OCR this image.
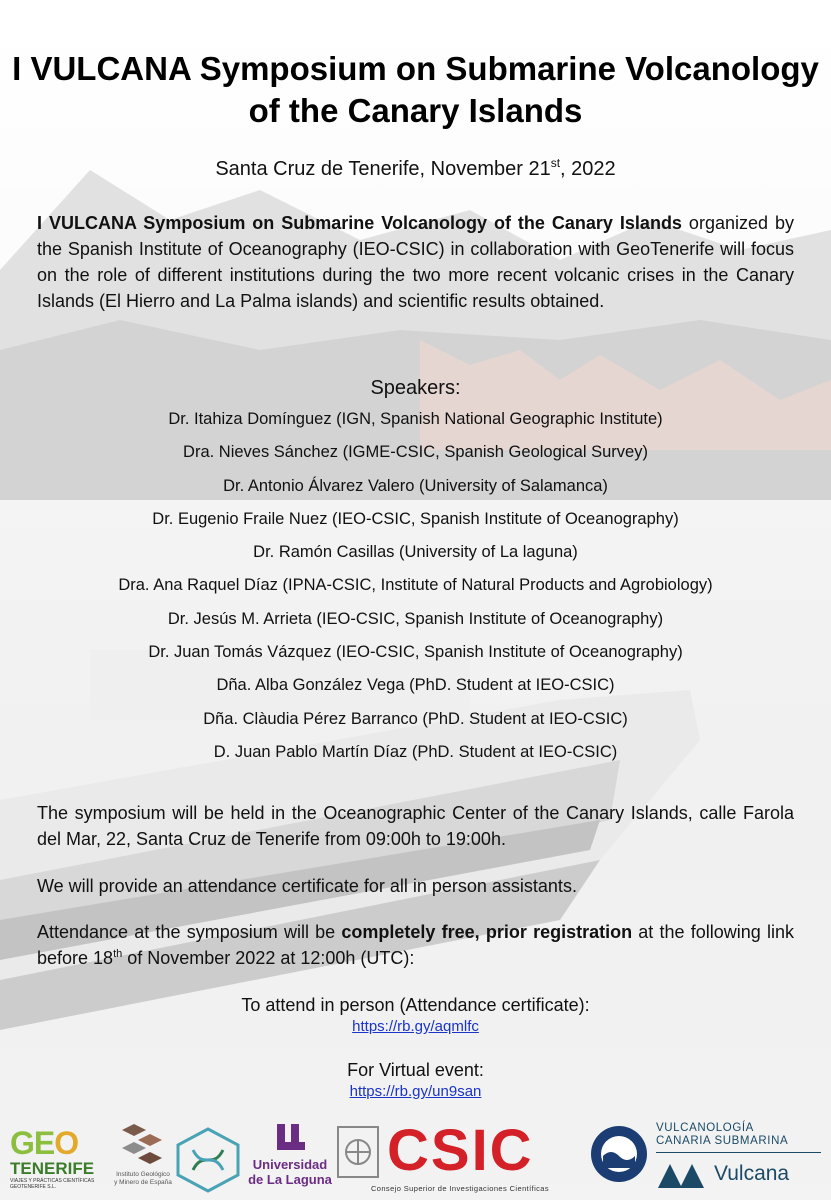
I VULCANA Symposium on Submarine Volcanology of the Canary Islands
Santa Cruz de Tenerife, November 21st, 2022

I VULCANA Symposium on Submarine Volcanology of the Canary Islands organized by the Spanish Institute of Oceanography (IEO-CSIC) in collaboration with GeoTenerife will focus on the role of different institutions during the two more recent volcanic crises in the Canary Islands (El Hierro and La Palma islands) and scientific results obtained.

Speakers:
Dr. Itahiza Domínguez (IGN, Spanish National Geographic Institute)
Dra. Nieves Sánchez (IGME-CSIC, Spanish Geological Survey)
Dr. Antonio Álvarez Valero (University of Salamanca)
Dr. Eugenio Fraile Nuez (IEO-CSIC, Spanish Institute of Oceanography)
Dr. Ramón Casillas (University of La laguna)
Dra. Ana Raquel Díaz (IPNA-CSIC, Institute of Natural Products and Agrobiology)
Dr. Jesús M. Arrieta (IEO-CSIC, Spanish Institute of Oceanography)
Dr. Juan Tomás Vázquez (IEO-CSIC, Spanish Institute of Oceanography)
Dña. Alba González Vega (PhD. Student at IEO-CSIC)
Dña. Clàudia Pérez Barranco (PhD. Student at IEO-CSIC)
D. Juan Pablo Martín Díaz (PhD. Student at IEO-CSIC)

The symposium will be held in the Oceanographic Center of the Canary Islands, calle Farola del Mar, 22, Santa Cruz de Tenerife from 09:00h to 19:00h.

We will provide an attendance certificate for all in person assistants.

Attendance at the symposium will be completely free, prior registration at the following link before 18th of November 2022 at 12:00h (UTC):

To attend in person (Attendance certificate):
https://rb.gy/aqmlfc
For Virtual event:
https://rb.gy/un9san
GEO
TENERIFE
VIAJES Y PRÁCTICAS CIENTÍFICAS GEOTENERIFE S.L.
Instituto Geológico
y Minero de España
Universidad
de La Laguna CSIC
Consejo Superior de Investigaciones Científicas
VULCANOLOGÍA
CANARIA SUBMARINA
Vulcana
